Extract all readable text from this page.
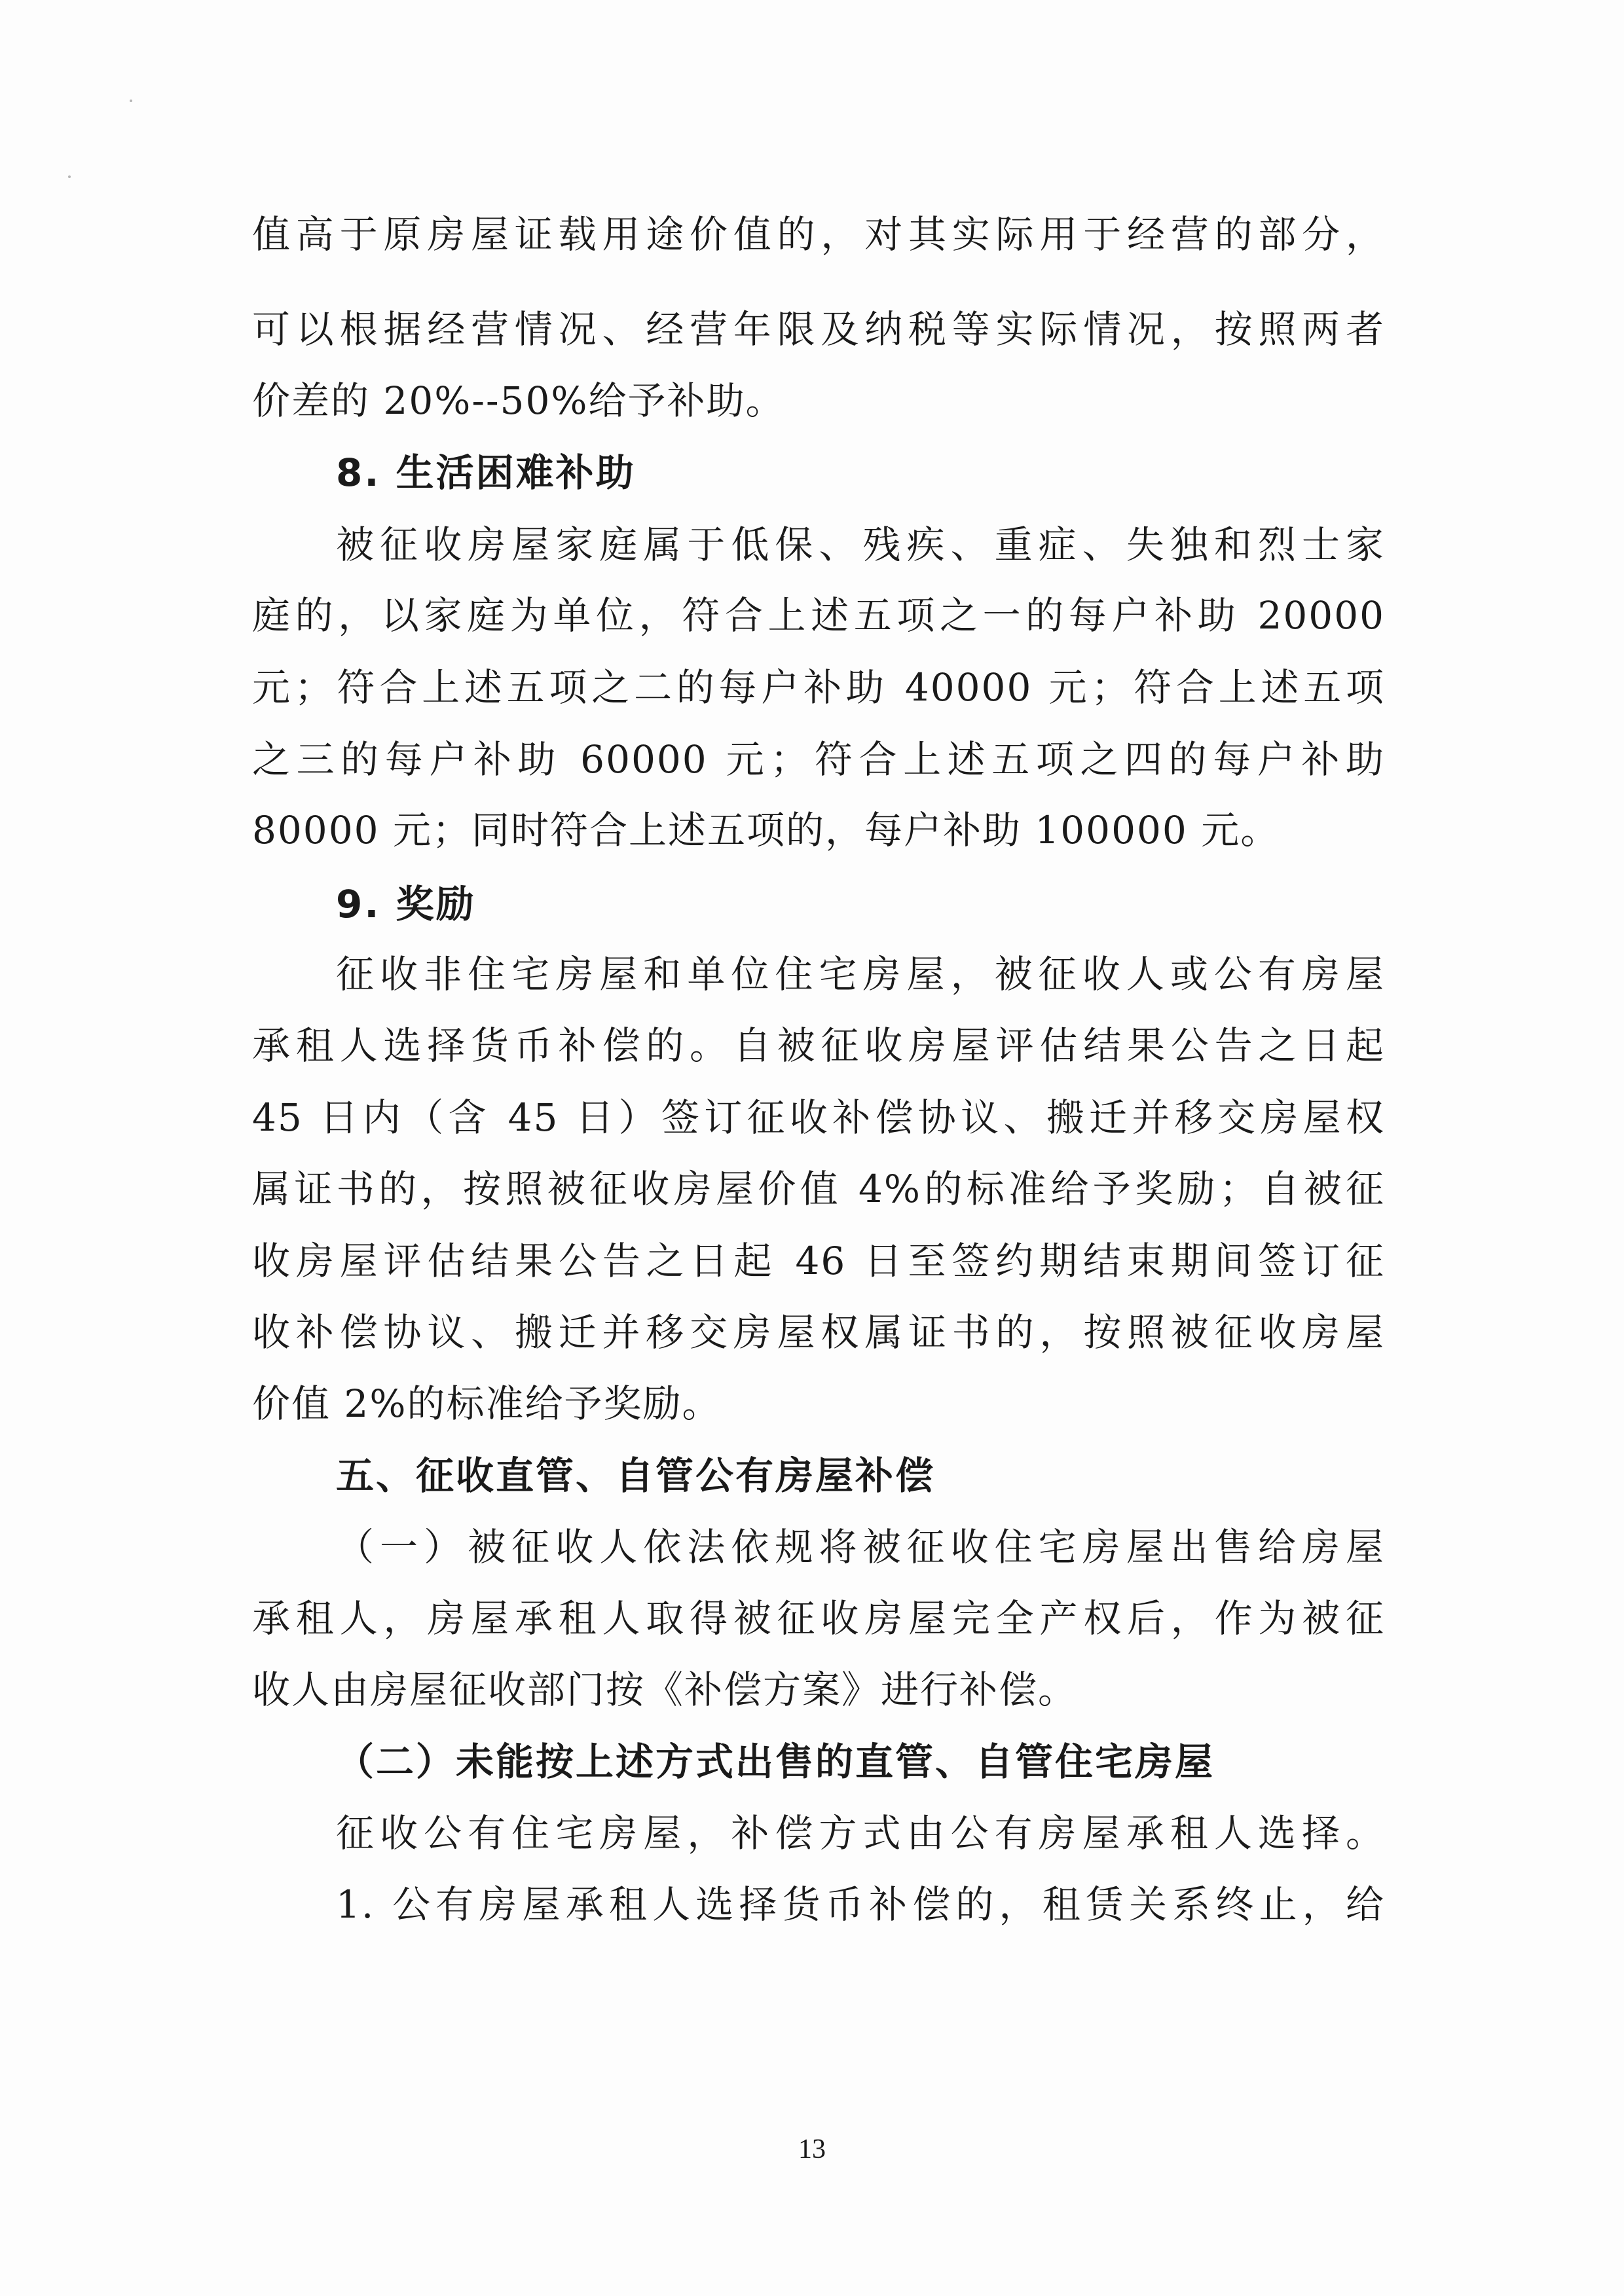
值高于原房屋证载用途价值的，对其实际用于经营的部分，
可以根据经营情况、经营年限及纳税等实际情况，按照两者
价差的 20%--50%给予补助。
8. 生活困难补助
被征收房屋家庭属于低保、残疾、重症、失独和烈士家
庭的，以家庭为单位，符合上述五项之一的每户补助 20000
元；符合上述五项之二的每户补助 40000 元；符合上述五项
之三的每户补助 60000 元；符合上述五项之四的每户补助
80000 元；同时符合上述五项的，每户补助 100000 元。
9. 奖励
征收非住宅房屋和单位住宅房屋，被征收人或公有房屋
承租人选择货币补偿的。自被征收房屋评估结果公告之日起
45 日内（含 45 日）签订征收补偿协议、搬迁并移交房屋权
属证书的，按照被征收房屋价值 4%的标准给予奖励；自被征
收房屋评估结果公告之日起 46 日至签约期结束期间签订征
收补偿协议、搬迁并移交房屋权属证书的，按照被征收房屋
价值 2%的标准给予奖励。
五、征收直管、自管公有房屋补偿
（一）被征收人依法依规将被征收住宅房屋出售给房屋
承租人，房屋承租人取得被征收房屋完全产权后，作为被征
收人由房屋征收部门按《补偿方案》进行补偿。
（二）未能按上述方式出售的直管、自管住宅房屋
征收公有住宅房屋，补偿方式由公有房屋承租人选择。
1. 公有房屋承租人选择货币补偿的，租赁关系终止，给
13
